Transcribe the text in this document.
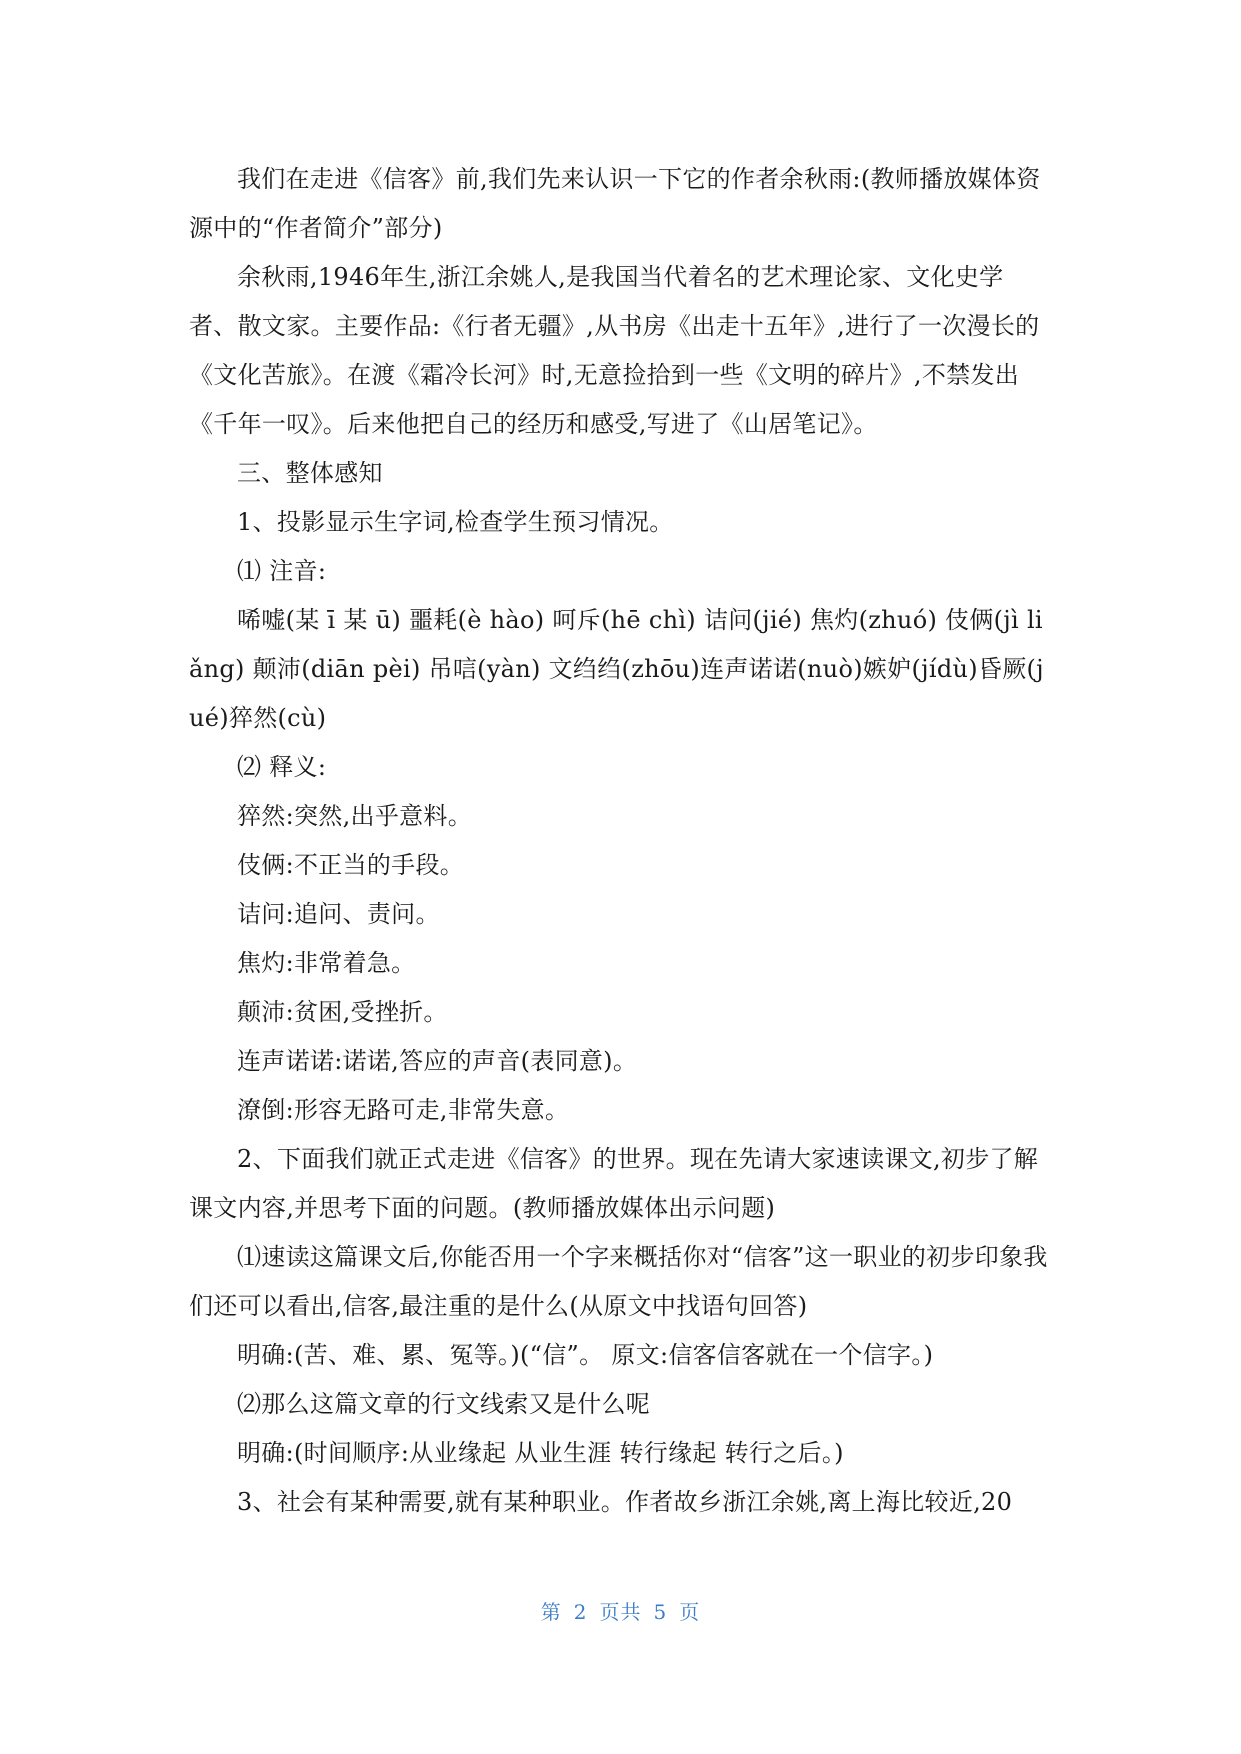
我们在走进《信客》前,我们先来认识一下它的作者余秋雨:(教师播放媒体资源中的“作者简介”部分)

余秋雨,1946年生,浙江余姚人,是我国当代着名的艺术理论家、文化史学者、散文家。主要作品:《行者无疆》,从书房《出走十五年》,进行了一次漫长的《文化苦旅》。在渡《霜冷长河》时,无意捡拾到一些《文明的碎片》,不禁发出《千年一叹》。后来他把自己的经历和感受,写进了《山居笔记》。

三、整体感知

1、投影显示生字词,检查学生预习情况。

⑴ 注音:

唏嘘(某 ī 某 ū) 噩耗(è hào) 呵斥(hē chì) 诘问(jié) 焦灼(zhuó) 伎俩(jì liǎng) 颠沛(diān pèi) 吊唁(yàn) 文绉绉(zhōu)连声诺诺(nuò)嫉妒(jídù)昏厥(jué)猝然(cù)

⑵ 释义:

猝然:突然,出乎意料。

伎俩:不正当的手段。

诘问:追问、责问。

焦灼:非常着急。

颠沛:贫困,受挫折。

连声诺诺:诺诺,答应的声音(表同意)。

潦倒:形容无路可走,非常失意。

2、下面我们就正式走进《信客》的世界。现在先请大家速读课文,初步了解课文内容,并思考下面的问题。(教师播放媒体出示问题)

⑴速读这篇课文后,你能否用一个字来概括你对“信客”这一职业的初步印象我们还可以看出,信客,最注重的是什么(从原文中找语句回答)

明确:(苦、难、累、冤等。)(“信”。 原文:信客信客就在一个信字。)

⑵那么这篇文章的行文线索又是什么呢

明确:(时间顺序:从业缘起 从业生涯 转行缘起 转行之后。)

3、社会有某种需要,就有某种职业。作者故乡浙江余姚,离上海比较近,20

第 2 页共 5 页
